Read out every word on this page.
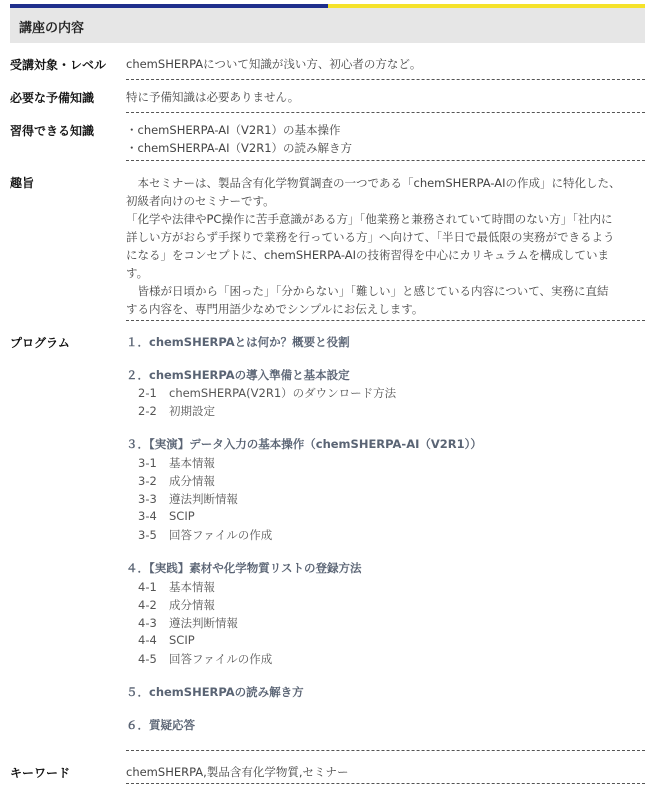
講座の内容
受講対象・レベル	chemSHERPAについて知識が浅い方、初心者の方など。
必要な予備知識	特に予備知識は必要ありません。
習得できる知識	・chemSHERPA-AI（V2R1）の基本操作
・chemSHERPA-AI（V2R1）の読み解き方
趣旨	　本セミナーは、製品含有化学物質調査の一つである「chemSHERPA-AIの作成」に特化した、
初級者向けのセミナーです。
「化学や法律やPC操作に苦手意識がある方」「他業務と兼務されていて時間のない方」「社内に
詳しい方がおらず手探りで業務を行っている方」へ向けて、「半日で最低限の実務ができるよう
になる」をコンセプトに、chemSHERPA-AIの技術習得を中心にカリキュラムを構成していま
す。
　皆様が日頃から「困った」「分からない」「難しい」と感じている内容について、実務に直結
する内容を、専門用語少なめでシンプルにお伝えします。
プログラム	１．chemSHERPAとは何か？概要と役割
２．chemSHERPAの導入準備と基本設定
2-1 chemSHERPA(V2R1）のダウンロード方法
2-2 初期設定
３．【実演】データ入力の基本操作（chemSHERPA-AI（V2R1））
3-1 基本情報
3-2 成分情報
3-3 遵法判断情報
3-4 SCIP
3-5 回答ファイルの作成
４．【実践】素材や化学物質リストの登録方法
4-1 基本情報
4-2 成分情報
4-3 遵法判断情報
4-4 SCIP
4-5 回答ファイルの作成
５．chemSHERPAの読み解き方
６．質疑応答
キーワード	chemSHERPA,製品含有化学物質,セミナー
